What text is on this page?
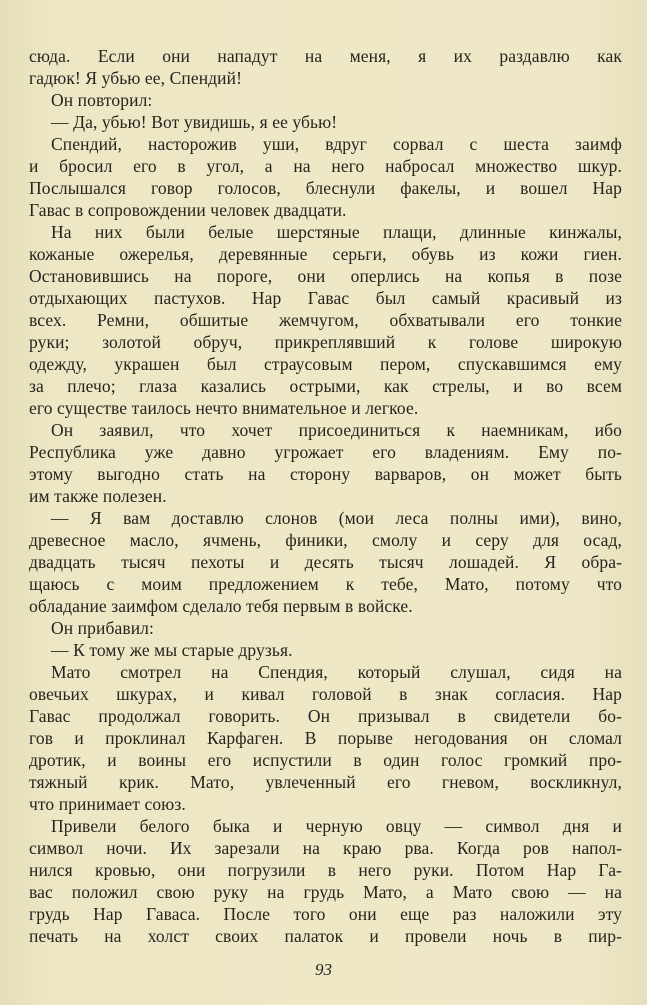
сюда. Если они нападут на меня, я их раздавлю как
гадюк! Я убью ее, Спендий!
Он повторил:
— Да, убью! Вот увидишь, я ее убью!
Спендий, насторожив уши, вдруг сорвал с шеста заимф
и бросил его в угол, а на него набросал множество шкур.
Послышался говор голосов, блеснули факелы, и вошел Нар
Гавас в сопровождении человек двадцати.
На них были белые шерстяные плащи, длинные кинжалы,
кожаные ожерелья, деревянные серьги, обувь из кожи гиен.
Остановившись на пороге, они оперлись на копья в позе
отдыхающих пастухов. Нар Гавас был самый красивый из
всех. Ремни, обшитые жемчугом, обхватывали его тонкие
руки; золотой обруч, прикреплявший к голове широкую
одежду, украшен был страусовым пером, спускавшимся ему
за плечо; глаза казались острыми, как стрелы, и во всем
его существе таилось нечто внимательное и легкое.
Он заявил, что хочет присоединиться к наемникам, ибо
Республика уже давно угрожает его владениям. Ему по-
этому выгодно стать на сторону варваров, он может быть
им также полезен.
— Я вам доставлю слонов (мои леса полны ими), вино,
древесное масло, ячмень, финики, смолу и серу для осад,
двадцать тысяч пехоты и десять тысяч лошадей. Я обра-
щаюсь с моим предложением к тебе, Мато, потому что
обладание заимфом сделало тебя первым в войске.
Он прибавил:
— К тому же мы старые друзья.
Мато смотрел на Спендия, который слушал, сидя на
овечьих шкурах, и кивал головой в знак согласия. Нар
Гавас продолжал говорить. Он призывал в свидетели бо-
гов и проклинал Карфаген. В порыве негодования он сломал
дротик, и воины его испустили в один голос громкий про-
тяжный крик. Мато, увлеченный его гневом, воскликнул,
что принимает союз.
Привели белого быка и черную овцу — символ дня и
символ ночи. Их зарезали на краю рва. Когда ров напол-
нился кровью, они погрузили в него руки. Потом Нар Га-
вас положил свою руку на грудь Мато, а Мато свою — на
грудь Нар Гаваса. После того они еще раз наложили эту
печать на холст своих палаток и провели ночь в пир-
93
